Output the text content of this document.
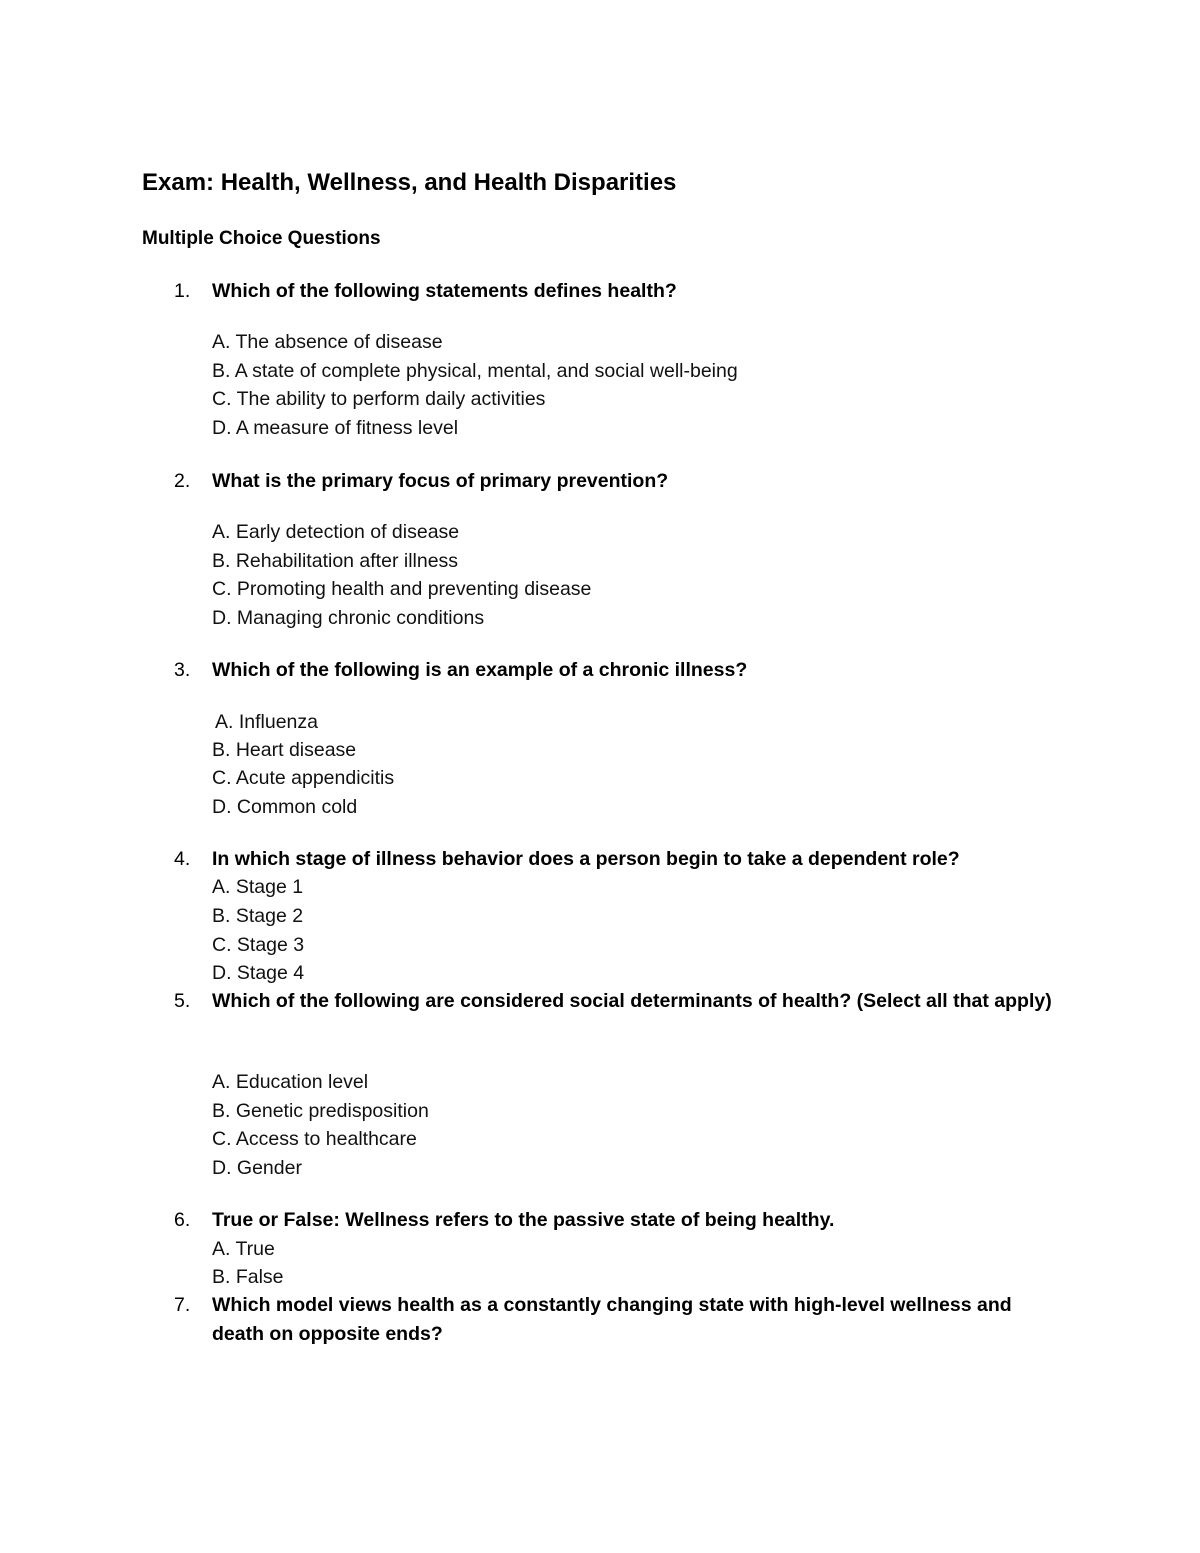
Exam: Health, Wellness, and Health Disparities
Multiple Choice Questions
1. Which of the following statements defines health?
A. The absence of disease
B. A state of complete physical, mental, and social well-being
C. The ability to perform daily activities
D. A measure of fitness level
2. What is the primary focus of primary prevention?
A. Early detection of disease
B. Rehabilitation after illness
C. Promoting health and preventing disease
D. Managing chronic conditions
3. Which of the following is an example of a chronic illness?
A. Influenza
B. Heart disease
C. Acute appendicitis
D. Common cold
4. In which stage of illness behavior does a person begin to take a dependent role?
A. Stage 1
B. Stage 2
C. Stage 3
D. Stage 4
5. Which of the following are considered social determinants of health? (Select all that apply)
A. Education level
B. Genetic predisposition
C. Access to healthcare
D. Gender
6. True or False: Wellness refers to the passive state of being healthy.
A. True
B. False
7. Which model views health as a constantly changing state with high-level wellness and death on opposite ends?
